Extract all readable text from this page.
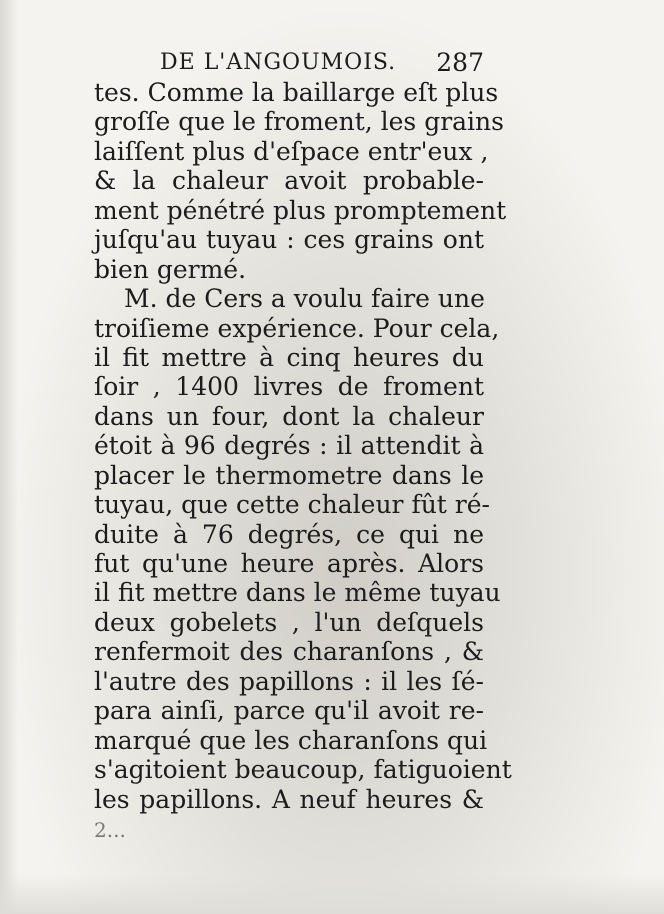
DE L'ANGOUMOIS. 287
tes. Comme la baillarge eſt plus
groſſe que le froment, les grains
laiſſent plus d'eſpace entr'eux ,
& la chaleur avoit probable-
ment pénétré plus promptement
juſqu'au tuyau : ces grains ont
bien germé.
M. de Cers a voulu faire une
troiſieme expérience. Pour cela,
il fit mettre à cinq heures du
ſoir , 1400 livres de froment
dans un four, dont la chaleur
étoit à 96 degrés : il attendit à
placer le thermometre dans le
tuyau, que cette chaleur fût ré-
duite à 76 degrés, ce qui ne
fut qu'une heure après. Alors
il fit mettre dans le même tuyau
deux gobelets , l'un deſquels
renfermoit des charanſons , &
l'autre des papillons : il les ſé-
para ainſi, parce qu'il avoit re-
marqué que les charanſons qui
s'agitoient beaucoup, fatiguoient
les papillons. A neuf heures &
2...
